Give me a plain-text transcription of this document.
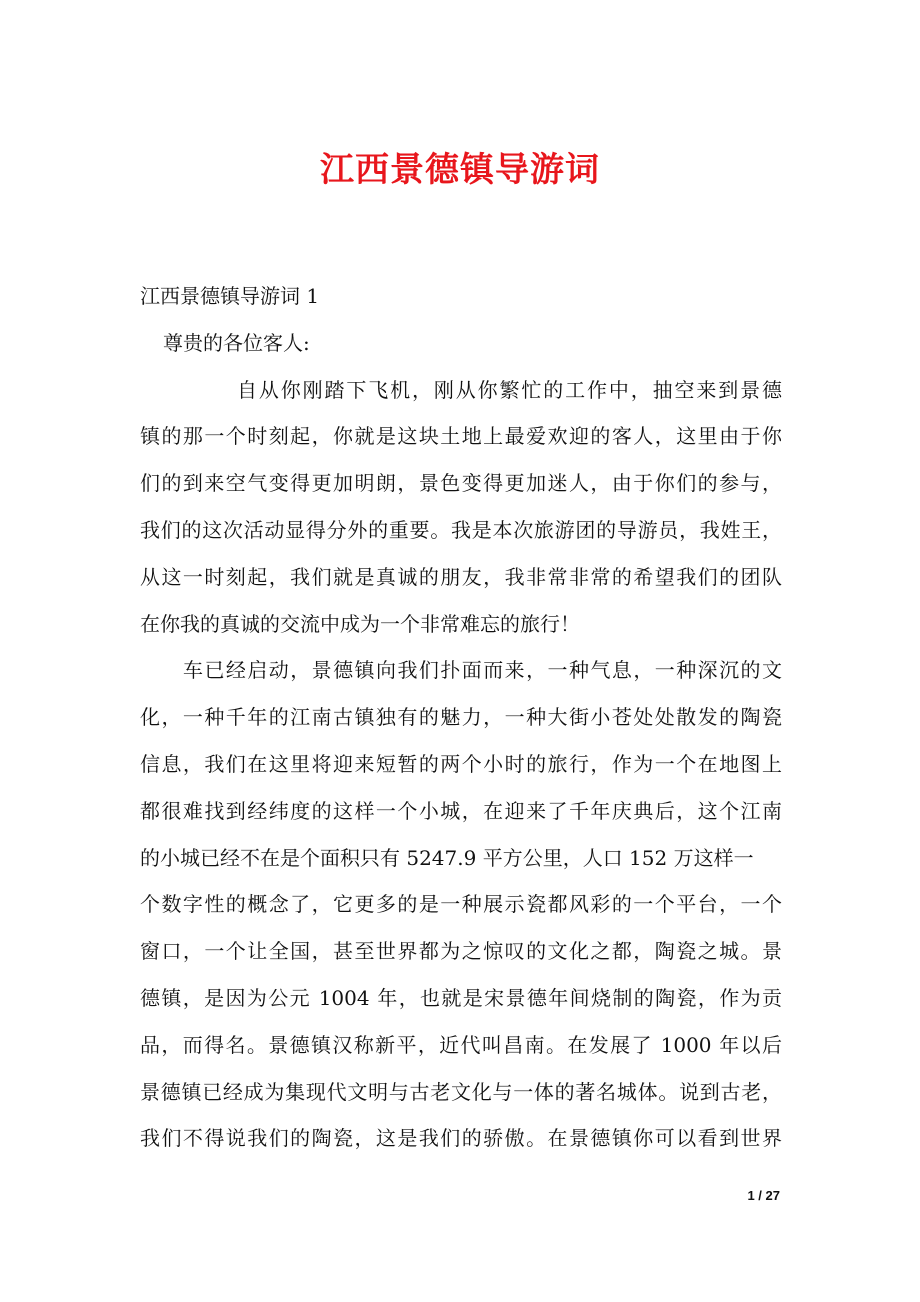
江西景德镇导游词
江西景德镇导游词 1
尊贵的各位客人:
自从你刚踏下飞机，刚从你繁忙的工作中，抽空来到景德
镇的那一个时刻起，你就是这块土地上最爱欢迎的客人，这里由于你
们的到来空气变得更加明朗，景色变得更加迷人，由于你们的参与，
我们的这次活动显得分外的重要。我是本次旅游团的导游员，我姓王，
从这一时刻起，我们就是真诚的朋友，我非常非常的希望我们的团队
在你我的真诚的交流中成为一个非常难忘的旅行！
车已经启动，景德镇向我们扑面而来，一种气息，一种深沉的文
化，一种千年的江南古镇独有的魅力，一种大街小苍处处散发的陶瓷
信息，我们在这里将迎来短暂的两个小时的旅行，作为一个在地图上
都很难找到经纬度的这样一个小城，在迎来了千年庆典后，这个江南
的小城已经不在是个面积只有 5247.9 平方公里，人口 152 万这样一
个数字性的概念了，它更多的是一种展示瓷都风彩的一个平台，一个
窗口，一个让全国，甚至世界都为之惊叹的文化之都，陶瓷之城。景
德镇，是因为公元 1004 年，也就是宋景德年间烧制的陶瓷，作为贡
品，而得名。景德镇汉称新平，近代叫昌南。在发展了 1000 年以后
景德镇已经成为集现代文明与古老文化与一体的著名城体。说到古老，
我们不得说我们的陶瓷，这是我们的骄傲。在景德镇你可以看到世界
1 / 27
